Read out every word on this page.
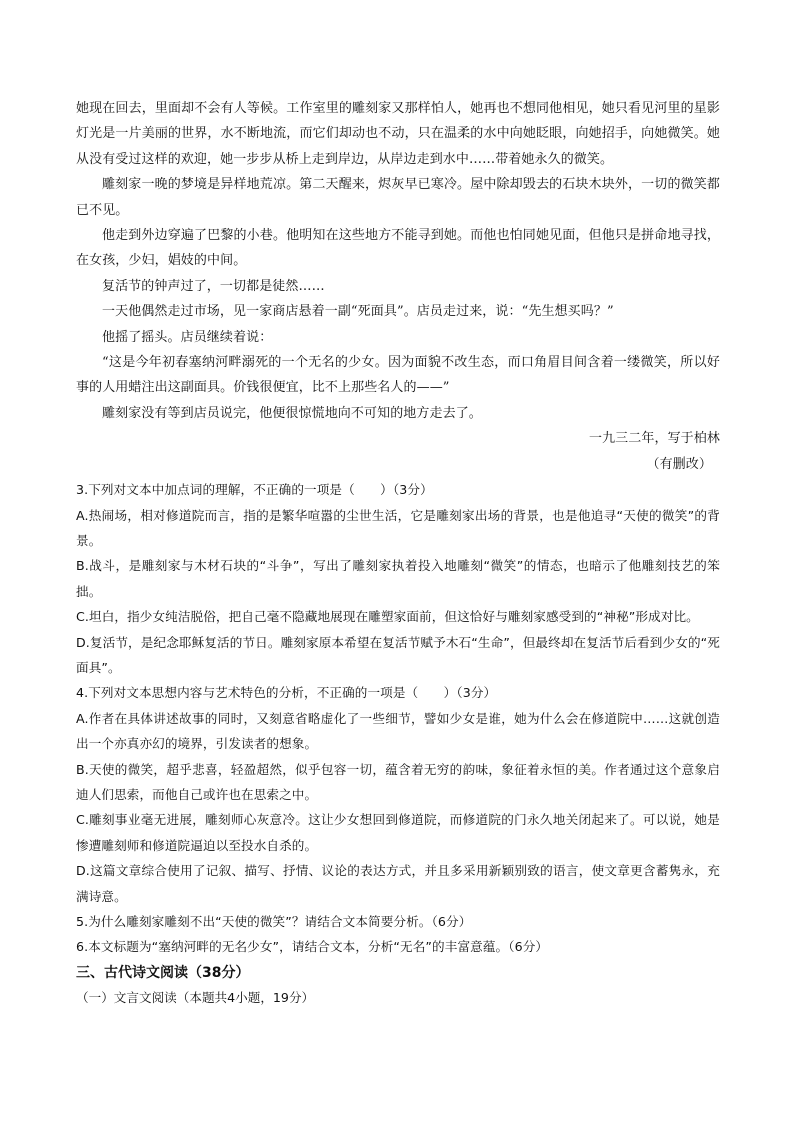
她现在回去，里面却不会有人等候。工作室里的雕刻家又那样怕人，她再也不想同他相见，她只看见河里的星影灯光是一片美丽的世界，水不断地流，而它们却动也不动，只在温柔的水中向她眨眼，向她招手，向她微笑。她从没有受过这样的欢迎，她一步步从桥上走到岸边，从岸边走到水中……带着她永久的微笑。

雕刻家一晚的梦境是异样地荒凉。第二天醒来，烬灰早已寒冷。屋中除却毁去的石块木块外，一切的微笑都已不见。

他走到外边穿遍了巴黎的小巷。他明知在这些地方不能寻到她。而他也怕同她见面，但他只是拼命地寻找，在女孩，少妇，娼妓的中间。

复活节的钟声过了，一切都是徒然……

一天他偶然走过市场，见一家商店悬着一副“死面具”。店员走过来，说：“先生想买吗？”

他摇了摇头。店员继续着说：

“这是今年初春塞纳河畔溺死的一个无名的少女。因为面貌不改生态，而口角眉目间含着一缕微笑，所以好事的人用蜡注出这副面具。价钱很便宜，比不上那些名人的——”

雕刻家没有等到店员说完，他便很惊慌地向不可知的地方走去了。

一九三二年，写于柏林

（有删改）

3.下列对文本中加点词的理解，不正确的一项是（　　）（3分）

A.热闹场，相对修道院而言，指的是繁华喧嚣的尘世生活，它是雕刻家出场的背景，也是他追寻“天使的微笑”的背景。

B.战斗，是雕刻家与木材石块的“斗争”，写出了雕刻家执着投入地雕刻“微笑”的情态，也暗示了他雕刻技艺的笨拙。

C.坦白，指少女纯洁脱俗，把自己毫不隐藏地展现在雕塑家面前，但这恰好与雕刻家感受到的“神秘”形成对比。

D.复活节，是纪念耶稣复活的节日。雕刻家原本希望在复活节赋予木石“生命”，但最终却在复活节后看到少女的“死面具”。

4.下列对文本思想内容与艺术特色的分析，不正确的一项是（　　）（3分）

A.作者在具体讲述故事的同时，又刻意省略虚化了一些细节，譬如少女是谁，她为什么会在修道院中……这就创造出一个亦真亦幻的境界，引发读者的想象。

B.天使的微笑，超乎悲喜，轻盈超然，似乎包容一切，蕴含着无穷的韵味，象征着永恒的美。作者通过这个意象启迪人们思索，而他自己或许也在思索之中。

C.雕刻事业毫无进展，雕刻师心灰意冷。这让少女想回到修道院，而修道院的门永久地关闭起来了。可以说，她是惨遭雕刻师和修道院逼迫以至投水自杀的。

D.这篇文章综合使用了记叙、描写、抒情、议论的表达方式，并且多采用新颖别致的语言，使文章更含蓄隽永，充满诗意。

5.为什么雕刻家雕刻不出“天使的微笑”？请结合文本简要分析。（6分）

6.本文标题为“塞纳河畔的无名少女”，请结合文本，分析“无名”的丰富意蕴。（6分）

三、古代诗文阅读（38分）
（一）文言文阅读（本题共4小题，19分）
